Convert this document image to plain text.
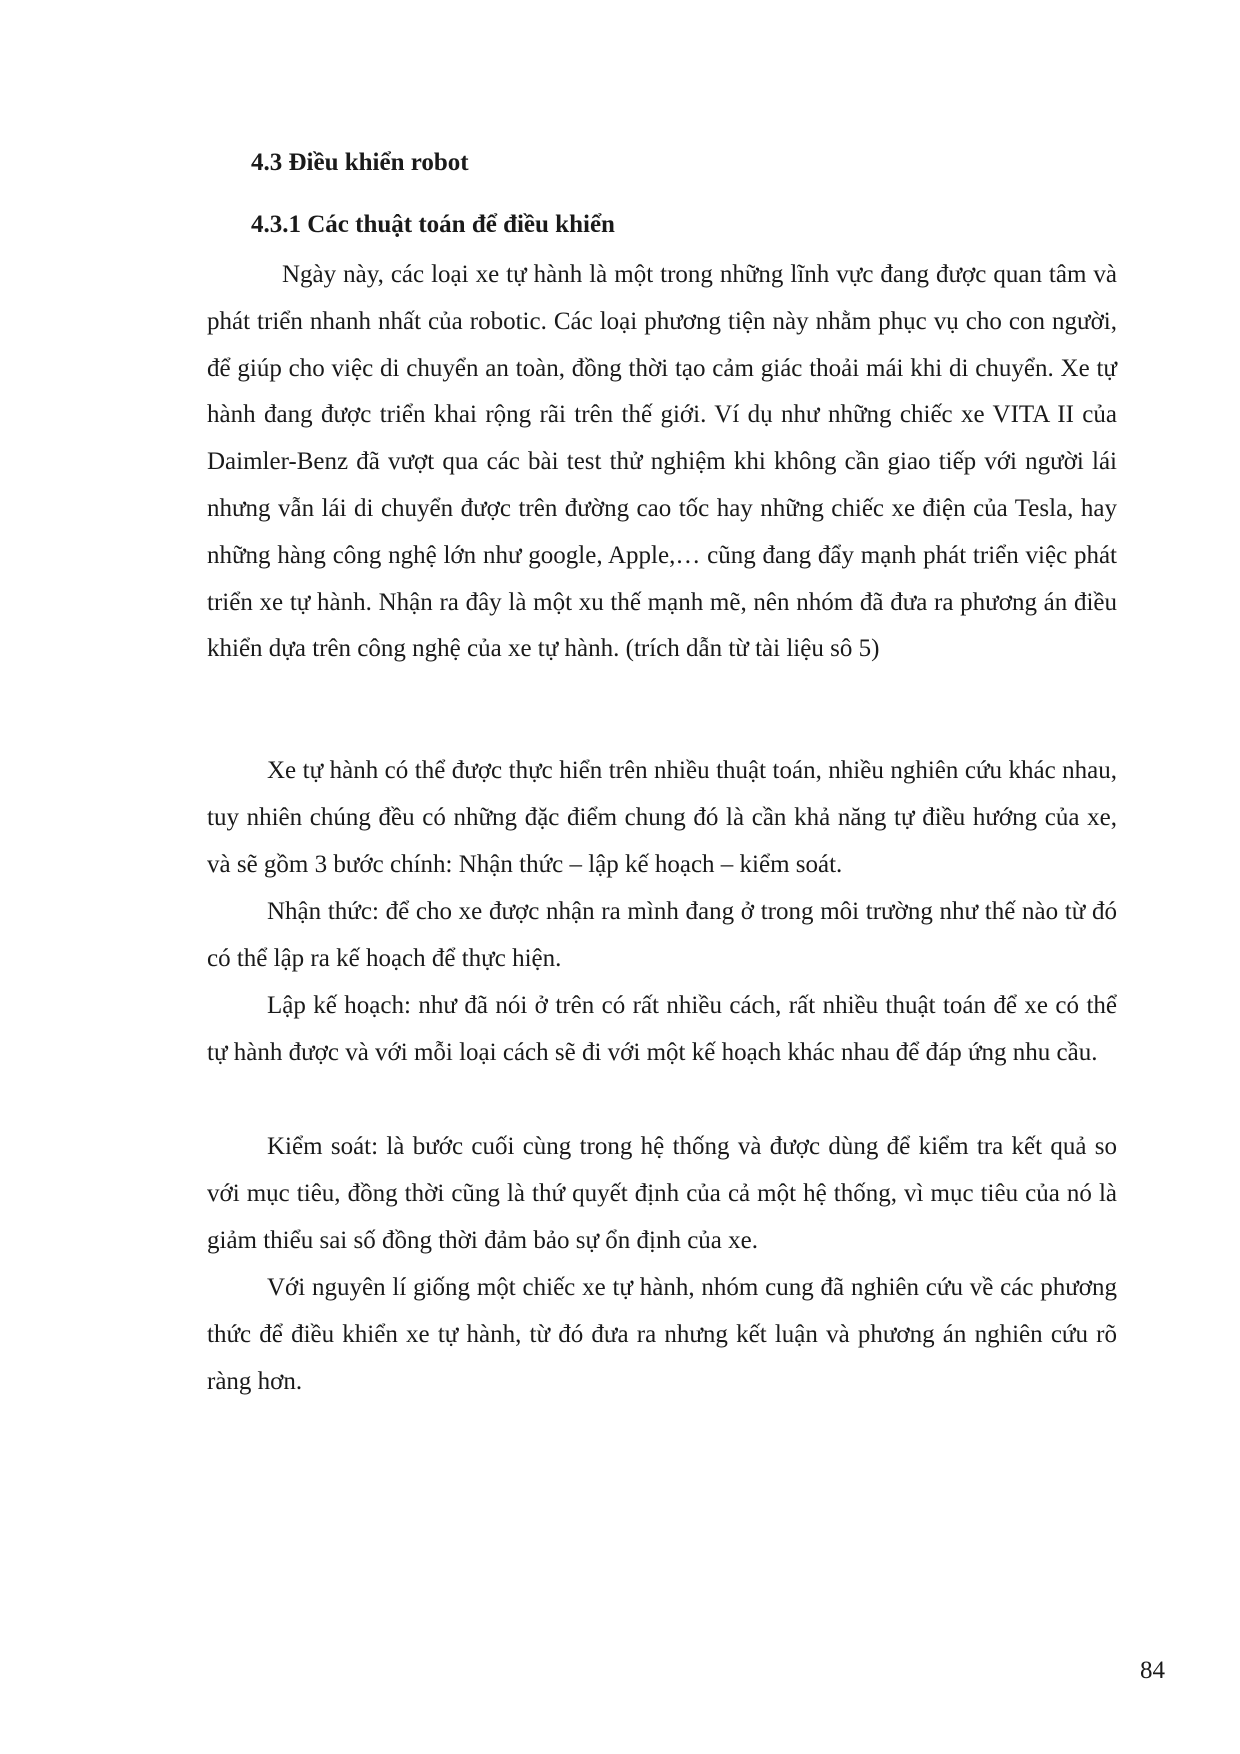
4.3 Điều khiển robot
4.3.1 Các thuật toán để điều khiển

Ngày này, các loại xe tự hành là một trong những lĩnh vực đang được quan tâm và phát triển nhanh nhất của robotic. Các loại phương tiện này nhằm phục vụ cho con người, để giúp cho việc di chuyển an toàn, đồng thời tạo cảm giác thoải mái khi di chuyển. Xe tự hành đang được triển khai rộng rãi trên thế giới. Ví dụ như những chiếc xe VITA II của Daimler-Benz đã vượt qua các bài test thử nghiệm khi không cần giao tiếp với người lái nhưng vẫn lái di chuyển được trên đường cao tốc hay những chiếc xe điện của Tesla, hay những hàng công nghệ lớn như google, Apple,… cũng đang đẩy mạnh phát triển việc phát triển xe tự hành. Nhận ra đây là một xu thế mạnh mẽ, nên nhóm đã đưa ra phương án điều khiển dựa trên công nghệ của xe tự hành. (trích dẫn từ tài liệu sô 5)

Xe tự hành có thể được thực hiển trên nhiều thuật toán, nhiều nghiên cứu khác nhau, tuy nhiên chúng đều có những đặc điểm chung đó là cần khả năng tự điều hướng của xe, và sẽ gồm 3 bước chính: Nhận thức – lập kế hoạch – kiểm soát.

Nhận thức: để cho xe được nhận ra mình đang ở trong môi trường như thế nào từ đó có thể lập ra kế hoạch để thực hiện.

Lập kế hoạch: như đã nói ở trên có rất nhiều cách, rất nhiều thuật toán để xe có thể tự hành được và với mỗi loại cách sẽ đi với một kế hoạch khác nhau để đáp ứng nhu cầu.

Kiểm soát: là bước cuối cùng trong hệ thống và được dùng để kiểm tra kết quả so với mục tiêu, đồng thời cũng là thứ quyết định của cả một hệ thống, vì mục tiêu của nó là giảm thiểu sai số đồng thời đảm bảo sự ổn định của xe.

Với nguyên lí giống một chiếc xe tự hành, nhóm cung đã nghiên cứu về các phương thức để điều khiển xe tự hành, từ đó đưa ra nhưng kết luận và phương án nghiên cứu rõ ràng hơn.

84
